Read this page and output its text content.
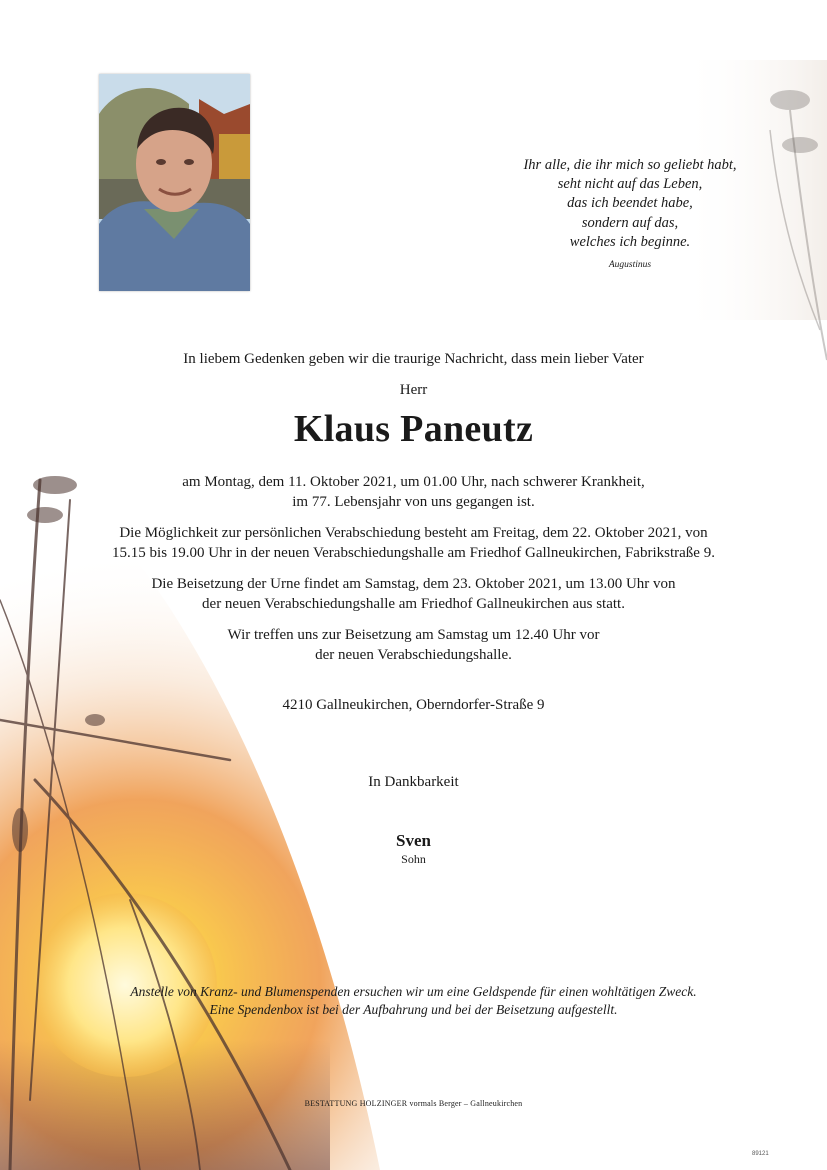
Ihr alle, die ihr mich so geliebt habt,
seht nicht auf das Leben,
das ich beendet habe,
sondern auf das,
welches ich beginne.
Augustinus
In liebem Gedenken geben wir die traurige Nachricht, dass mein lieber Vater
Herr
Klaus Paneutz
am Montag, dem 11. Oktober 2021, um 01.00 Uhr, nach schwerer Krankheit,
im 77. Lebensjahr von uns gegangen ist.
Die Möglichkeit zur persönlichen Verabschiedung besteht am Freitag, dem 22. Oktober 2021, von
15.15 bis 19.00 Uhr in der neuen Verabschiedungshalle am Friedhof Gallneukirchen, Fabrikstraße 9.
Die Beisetzung der Urne findet am Samstag, dem 23. Oktober 2021, um 13.00 Uhr von
der neuen Verabschiedungshalle am Friedhof Gallneukirchen aus statt.
Wir treffen uns zur Beisetzung am Samstag um 12.40 Uhr vor
der neuen Verabschiedungshalle.
4210 Gallneukirchen, Oberndorfer-Straße 9
In Dankbarkeit
Sven
Sohn
Anstelle von Kranz- und Blumenspenden ersuchen wir um eine Geldspende für einen wohltätigen Zweck.
Eine Spendenbox ist bei der Aufbahrung und bei der Beisetzung aufgestellt.
BESTATTUNG HOLZINGER vormals Berger – Gallneukirchen
89121
